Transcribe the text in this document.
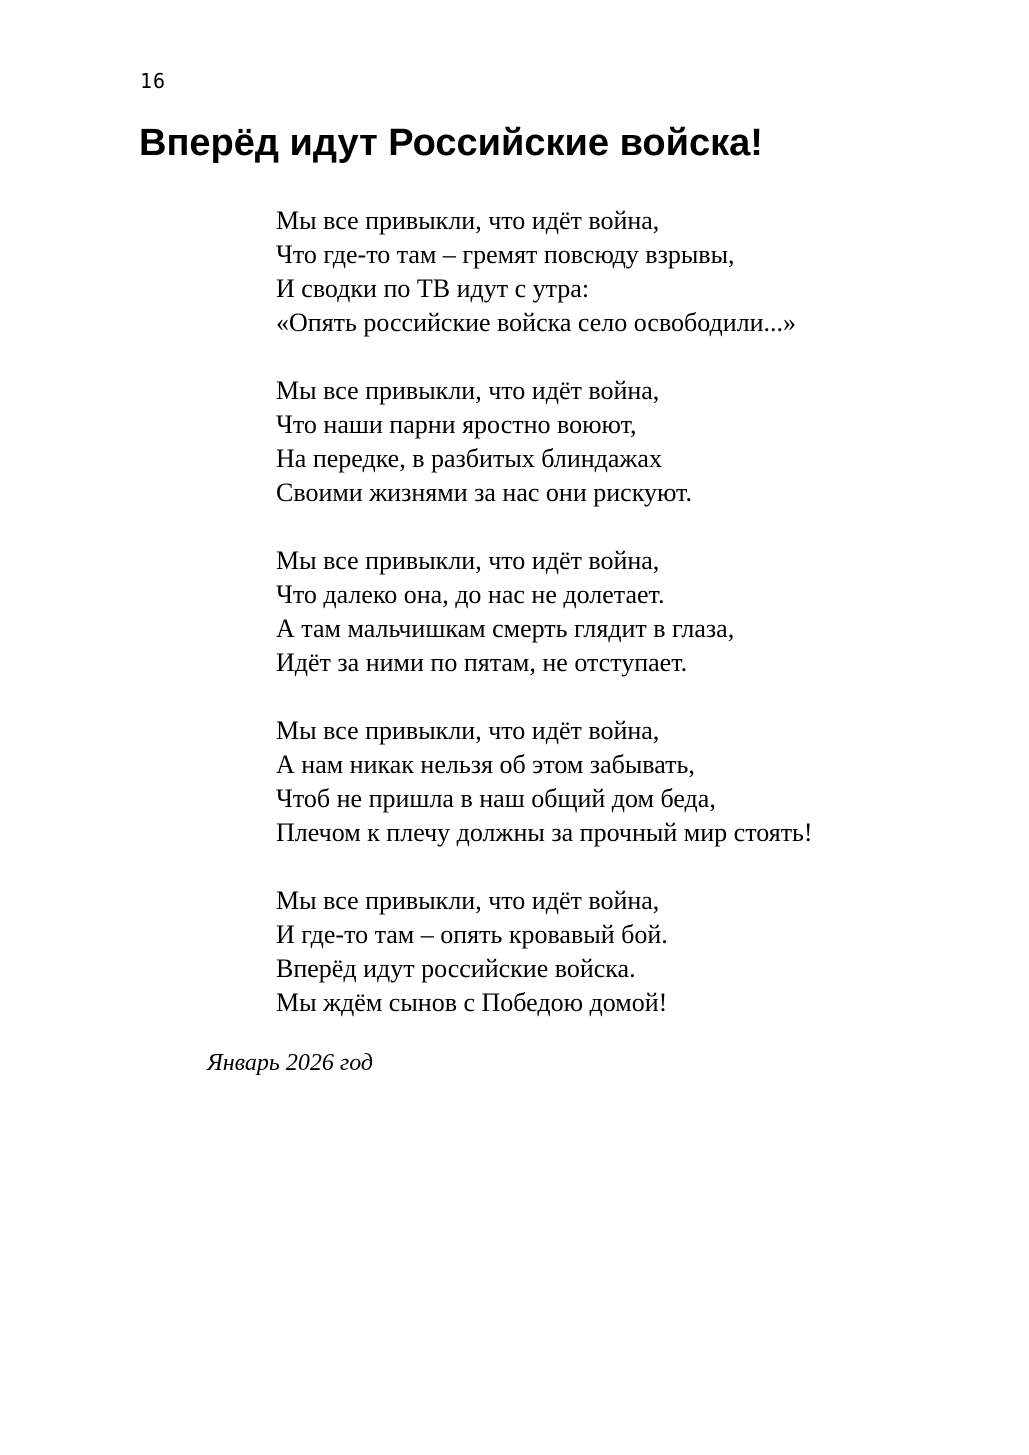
16
Вперёд идут Российские войска!
Мы все привыкли, что идёт война,
Что где-то там – гремят повсюду взрывы,
И сводки по ТВ идут с утра:
«Опять российские войска село освободили...»
Мы все привыкли, что идёт война,
Что наши парни яростно воюют,
На передке, в разбитых блиндажах
Своими жизнями за нас они рискуют.
Мы все привыкли, что идёт война,
Что далеко она, до нас не долетает.
А там мальчишкам смерть глядит в глаза,
Идёт за ними по пятам, не отступает.
Мы все привыкли, что идёт война,
А нам никак нельзя об этом забывать,
Чтоб не пришла в наш общий дом беда,
Плечом к плечу должны за прочный мир стоять!
Мы все привыкли, что идёт война,
И где-то там – опять кровавый бой.
Вперёд идут российские войска.
Мы ждём сынов с Победою домой!
Январь 2026 год
